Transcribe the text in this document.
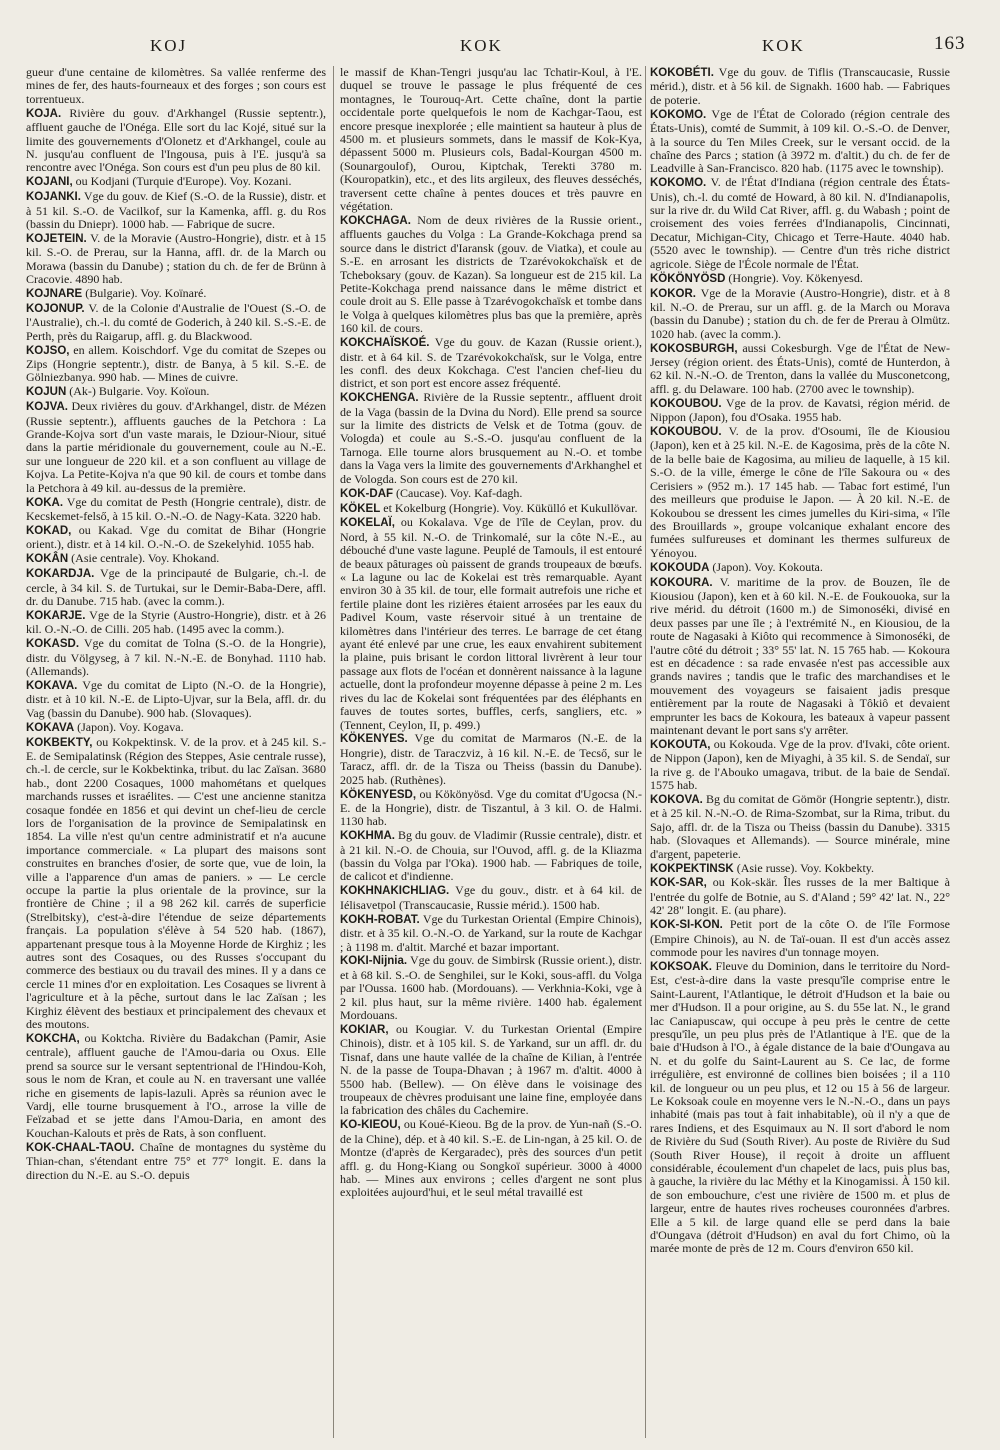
KOJ	KOK	KOK	163

gueur d'une centaine de kilomètres. Sa vallée renferme des mines de fer, des hauts-fourneaux et des forges ; son cours est torrentueux.

KOJA. Rivière du gouv. d'Arkhangel (Russie septentr.), affluent gauche de l'Onéga. Elle sort du lac Kojé, situé sur la limite des gouvernements d'Olonetz et d'Arkhangel, coule au N. jusqu'au confluent de l'Ingousa, puis à l'E. jusqu'à sa rencontre avec l'Onéga. Son cours est d'un peu plus de 80 kil.

KOJANI, ou Kodjani (Turquie d'Europe). Voy. Kozani.

KOJANKI. Vge du gouv. de Kief (S.-O. de la Russie), distr. et à 51 kil. S.-O. de Vacilkof, sur la Kamenka, affl. g. du Ros (bassin du Dniepr). 1000 hab. — Fabrique de sucre.

KOJETEIN. V. de la Moravie (Austro-Hongrie), distr. et à 15 kil. S.-O. de Prerau, sur la Hanna, affl. dr. de la March ou Morawa (bassin du Danube) ; station du ch. de fer de Brünn à Cracovie. 4890 hab.

KOJNARE (Bulgarie). Voy. Koïnaré.

KOJONUP. V. de la Colonie d'Australie de l'Ouest (S.-O. de l'Australie), ch.-l. du comté de Goderich, à 240 kil. S.-S.-E. de Perth, près du Raigarup, affl. g. du Blackwood.

KOJSO, en allem. Koischdorf. Vge du comitat de Szepes ou Zips (Hongrie septentr.), distr. de Banya, à 5 kil. S.-E. de Gölniezbanya. 990 hab. — Mines de cuivre.

KOJUN (Ak-) Bulgarie. Voy. Koïoun.

KOJVA. Deux rivières du gouv. d'Arkhangel, distr. de Mézen (Russie septentr.), affluents gauches de la Petchora : La Grande-Kojva sort d'un vaste marais, le Dziour-Niour, situé dans la partie méridionale du gouvernement, coule au N.-E. sur une longueur de 220 kil. et a son confluent au village de Kojva. La Petite-Kojva n'a que 90 kil. de cours et tombe dans la Petchora à 49 kil. au-dessus de la première.

KOKA. Vge du comitat de Pesth (Hongrie centrale), distr. de Kecskemet-felső, à 15 kil. O.-N.-O. de Nagy-Kata. 3220 hab.

KOKAD, ou Kakad. Vge du comitat de Bihar (Hongrie orient.), distr. et à 14 kil. O.-N.-O. de Szekelyhid. 1055 hab.

KOKÂN (Asie centrale). Voy. Khokand.

KOKARDJA. Vge de la principauté de Bulgarie, ch.-l. de cercle, à 34 kil. S. de Turtukai, sur le Demir-Baba-Dere, affl. dr. du Danube. 715 hab. (avec la comm.).

KOKARJE. Vge de la Styrie (Austro-Hongrie), distr. et à 26 kil. O.-N.-O. de Cilli. 205 hab. (1495 avec la comm.).

KOKASD. Vge du comitat de Tolna (S.-O. de la Hongrie), distr. du Völgyseg, à 7 kil. N.-N.-E. de Bonyhad. 1110 hab. (Allemands).

KOKAVA. Vge du comitat de Lipto (N.-O. de la Hongrie), distr. et à 10 kil. N.-E. de Lipto-Ujvar, sur la Bela, affl. dr. du Vag (bassin du Danube). 900 hab. (Slovaques).

KOKAVA (Japon). Voy. Kogava.

KOKBEKTY, ou Kokpektinsk. V. de la prov. et à 245 kil. S.-E. de Semipalatinsk (Région des Steppes, Asie centrale russe), ch.-l. de cercle, sur le Kokbektinka, tribut. du lac Zaïsan. 3680 hab., dont 2200 Cosaques, 1000 mahométans et quelques marchands russes et israélites. — C'est une ancienne stanitza cosaque fondée en 1856 et qui devint un chef-lieu de cercle lors de l'organisation de la province de Semipalatinsk en 1854. La ville n'est qu'un centre administratif et n'a aucune importance commerciale. « La plupart des maisons sont construites en branches d'osier, de sorte que, vue de loin, la ville a l'apparence d'un amas de paniers. » — Le cercle occupe la partie la plus orientale de la province, sur la frontière de Chine ; il a 98 262 kil. carrés de superficie (Strelbitsky), c'est-à-dire l'étendue de seize départements français. La population s'élève à 54 520 hab. (1867), appartenant presque tous à la Moyenne Horde de Kirghiz ; les autres sont des Cosaques, ou des Russes s'occupant du commerce des bestiaux ou du travail des mines. Il y a dans ce cercle 11 mines d'or en exploitation. Les Cosaques se livrent à l'agriculture et à la pêche, surtout dans le lac Zaïsan ; les Kirghiz élèvent des bestiaux et principalement des chevaux et des moutons.

KOKCHA, ou Koktcha. Rivière du Badakchan (Pamir, Asie centrale), affluent gauche de l'Amou-daria ou Oxus. Elle prend sa source sur le versant septentrional de l'Hindou-Koh, sous le nom de Kran, et coule au N. en traversant une vallée riche en gisements de lapis-lazuli. Après sa réunion avec le Vardj, elle tourne brusquement à l'O., arrose la ville de Feïzabad et se jette dans l'Amou-Daria, en amont des Kouchan-Kalouts et près de Rats, à son confluent.

KOK-CHAAL-TAOU. Chaîne de montagnes du système du Thian-chan, s'étendant entre 75° et 77° longit. E. dans la direction du N.-E. au S.-O. depuis

le massif de Khan-Tengri jusqu'au lac Tchatir-Koul, à l'E. duquel se trouve le passage le plus fréquenté de ces montagnes, le Tourouq-Art. Cette chaîne, dont la partie occidentale porte quelquefois le nom de Kachgar-Taou, est encore presque inexplorée ; elle maintient sa hauteur à plus de 4500 m. et plusieurs sommets, dans le massif de Kok-Kya, dépassent 5000 m. Plusieurs cols, Badal-Kourgan 4500 m. (Sounargoulof), Ourou, Kiptchak, Terekti 3780 m. (Kouropatkin), etc., et des lits argileux, des fleuves desséchés, traversent cette chaîne à pentes douces et très pauvre en végétation.

KOKCHAGA. Nom de deux rivières de la Russie orient., affluents gauches du Volga : La Grande-Kokchaga prend sa source dans le district d'Iaransk (gouv. de Viatka), et coule au S.-E. en arrosant les districts de Tzarévokokchaïsk et de Tcheboksary (gouv. de Kazan). Sa longueur est de 215 kil. La Petite-Kokchaga prend naissance dans le même district et coule droit au S. Elle passe à Tzarévogokchaïsk et tombe dans le Volga à quelques kilomètres plus bas que la première, après 160 kil. de cours.

KOKCHAÏSKOÉ. Vge du gouv. de Kazan (Russie orient.), distr. et à 64 kil. S. de Tzarévokokchaïsk, sur le Volga, entre les confl. des deux Kokchaga. C'est l'ancien chef-lieu du district, et son port est encore assez fréquenté.

KOKCHENGA. Rivière de la Russie septentr., affluent droit de la Vaga (bassin de la Dvina du Nord). Elle prend sa source sur la limite des districts de Velsk et de Totma (gouv. de Vologda) et coule au S.-S.-O. jusqu'au confluent de la Tarnoga. Elle tourne alors brusquement au N.-O. et tombe dans la Vaga vers la limite des gouvernements d'Arkhanghel et de Vologda. Son cours est de 270 kil.

KOK-DAF (Caucase). Voy. Kaf-dagh.

KÖKEL et Kokelburg (Hongrie). Voy. Kükülló et Kukullövar.

KOKELAÏ, ou Kokalava. Vge de l'île de Ceylan, prov. du Nord, à 55 kil. N.-O. de Trinkomalé, sur la côte N.-E., au débouché d'une vaste lagune. Peuplé de Tamouls, il est entouré de beaux pâturages où paissent de grands troupeaux de bœufs. « La lagune ou lac de Kokelai est très remarquable. Ayant environ 30 à 35 kil. de tour, elle formait autrefois une riche et fertile plaine dont les rizières étaient arrosées par les eaux du Padivel Koum, vaste réservoir situé à un trentaine de kilomètres dans l'intérieur des terres. Le barrage de cet étang ayant été enlevé par une crue, les eaux envahirent subitement la plaine, puis brisant le cordon littoral livrèrent à leur tour passage aux flots de l'océan et donnèrent naissance à la lagune actuelle, dont la profondeur moyenne dépasse à peine 2 m. Les rives du lac de Kokelai sont fréquentées par des éléphants en fauves de toutes sortes, buffles, cerfs, sangliers, etc. » (Tennent, Ceylon, II, p. 499.)

KÖKENYES. Vge du comitat de Marmaros (N.-E. de la Hongrie), distr. de Taraczviz, à 16 kil. N.-E. de Tecső, sur le Taracz, affl. dr. de la Tisza ou Theiss (bassin du Danube). 2025 hab. (Ruthènes).

KÖKENYESD, ou Kökönyösd. Vge du comitat d'Ugocsa (N.-E. de la Hongrie), distr. de Tiszantul, à 3 kil. O. de Halmi. 1130 hab.

KOKHMA. Bg du gouv. de Vladimir (Russie centrale), distr. et à 21 kil. N.-O. de Chouia, sur l'Ouvod, affl. g. de la Kliazma (bassin du Volga par l'Oka). 1900 hab. — Fabriques de toile, de calicot et d'indienne.

KOKHNAKICHLIAG. Vge du gouv., distr. et à 64 kil. de Iélisavetpol (Transcaucasie, Russie mérid.). 1500 hab.

KOKH-ROBAT. Vge du Turkestan Oriental (Empire Chinois), distr. et à 35 kil. O.-N.-O. de Yarkand, sur la route de Kachgar ; à 1198 m. d'altit. Marché et bazar important.

KOKI-Nijnia. Vge du gouv. de Simbirsk (Russie orient.), distr. et à 68 kil. S.-O. de Senghilei, sur le Koki, sous-affl. du Volga par l'Oussa. 1600 hab. (Mordouans). — Verkhnia-Koki, vge à 2 kil. plus haut, sur la même rivière. 1400 hab. également Mordouans.

KOKIAR, ou Kougiar. V. du Turkestan Oriental (Empire Chinois), distr. et à 105 kil. S. de Yarkand, sur un affl. dr. du Tisnaf, dans une haute vallée de la chaîne de Kilian, à l'entrée N. de la passe de Toupa-Dhavan ; à 1967 m. d'altit. 4000 à 5500 hab. (Bellew). — On élève dans le voisinage des troupeaux de chèvres produisant une laine fine, employée dans la fabrication des châles du Cachemire.

KO-KIEOU, ou Koué-Kieou. Bg de la prov. de Yun-nañ (S.-O. de la Chine), dép. et à 40 kil. S.-E. de Lin-ngan, à 25 kil. O. de Montze (d'après de Kergaradec), près des sources d'un petit affl. g. du Hong-Kiang ou Songkoï supérieur. 3000 à 4000 hab. — Mines aux environs ; celles d'argent ne sont plus exploitées aujourd'hui, et le seul métal travaillé est

KOKOBÉTI. Vge du gouv. de Tiflis (Transcaucasie, Russie mérid.), distr. et à 56 kil. de Signakh. 1600 hab. — Fabriques de poterie.

KOKOMO. Vge de l'État de Colorado (région centrale des États-Unis), comté de Summit, à 109 kil. O.-S.-O. de Denver, à la source du Ten Miles Creek, sur le versant occid. de la chaîne des Parcs ; station (à 3972 m. d'altit.) du ch. de fer de Leadville à San-Francisco. 820 hab. (1175 avec le township).

KOKOMO. V. de l'État d'Indiana (région centrale des États-Unis), ch.-l. du comté de Howard, à 80 kil. N. d'Indianapolis, sur la rive dr. du Wild Cat River, affl. g. du Wabash ; point de croisement des voies ferrées d'Indianapolis, Cincinnati, Decatur, Michigan-City, Chicago et Terre-Haute. 4040 hab. (5520 avec le township). — Centre d'un très riche district agricole. Siège de l'École normale de l'État.

KÖKÖNYÖSD (Hongrie). Voy. Kökenyesd.

KOKOR. Vge de la Moravie (Austro-Hongrie), distr. et à 8 kil. N.-O. de Prerau, sur un affl. g. de la March ou Morava (bassin du Danube) ; station du ch. de fer de Prerau à Olmütz. 1020 hab. (avec la comm.).

KOKOSBURGH, aussi Cokesburgh. Vge de l'État de New-Jersey (région orient. des États-Unis), comté de Hunterdon, à 62 kil. N.-N.-O. de Trenton, dans la vallée du Musconetcong, affl. g. du Delaware. 100 hab. (2700 avec le township).

KOKOUBOU. Vge de la prov. de Kavatsi, région mérid. de Nippon (Japon), fou d'Osaka. 1955 hab.

KOKOUBOU. V. de la prov. d'Osoumi, île de Kiousiou (Japon), ken et à 25 kil. N.-E. de Kagosima, près de la côte N. de la belle baie de Kagosima, au milieu de laquelle, à 15 kil. S.-O. de la ville, émerge le cône de l'île Sakoura ou « des Cerisiers » (952 m.). 17 145 hab. — Tabac fort estimé, l'un des meilleurs que produise le Japon. — À 20 kil. N.-E. de Kokoubou se dressent les cimes jumelles du Kiri-sima, « l'île des Brouillards », groupe volcanique exhalant encore des fumées sulfureuses et dominant les thermes sulfureux de Yénoyou.

KOKOUDA (Japon). Voy. Kokouta.

KOKOURA. V. maritime de la prov. de Bouzen, île de Kiousiou (Japon), ken et à 60 kil. N.-E. de Foukouoka, sur la rive mérid. du détroit (1600 m.) de Simonoséki, divisé en deux passes par une île ; à l'extrémité N., en Kiousiou, de la route de Nagasaki à Kiôto qui recommence à Simonoséki, de l'autre côté du détroit ; 33° 55' lat. N. 15 765 hab. — Kokoura est en décadence : sa rade envasée n'est pas accessible aux grands navires ; tandis que le trafic des marchandises et le mouvement des voyageurs se faisaient jadis presque entièrement par la route de Nagasaki à Tôkiô et devaient emprunter les bacs de Kokoura, les bateaux à vapeur passent maintenant devant le port sans s'y arrêter.

KOKOUTA, ou Kokouda. Vge de la prov. d'Ivaki, côte orient. de Nippon (Japon), ken de Miyaghi, à 35 kil. S. de Sendaï, sur la rive g. de l'Abouko umagava, tribut. de la baie de Sendaï. 1575 hab.

KOKOVA. Bg du comitat de Gömör (Hongrie septentr.), distr. et à 25 kil. N.-N.-O. de Rima-Szombat, sur la Rima, tribut. du Sajo, affl. dr. de la Tisza ou Theiss (bassin du Danube). 3315 hab. (Slovaques et Allemands). — Source minérale, mine d'argent, papeterie.

KOKPEKTINSK (Asie russe). Voy. Kokbekty.

KOK-SAR, ou Kok-skär. Îles russes de la mer Baltique à l'entrée du golfe de Botnie, au S. d'Aland ; 59° 42' lat. N., 22° 42' 28" longit. E. (au phare).

KOK-SI-KON. Petit port de la côte O. de l'île Formose (Empire Chinois), au N. de Taï-ouan. Il est d'un accès assez commode pour les navires d'un tonnage moyen.

KOKSOAK. Fleuve du Dominion, dans le territoire du Nord-Est, c'est-à-dire dans la vaste presqu'île comprise entre le Saint-Laurent, l'Atlantique, le détroit d'Hudson et la baie ou mer d'Hudson. Il a pour origine, au S. du 55e lat. N., le grand lac Caniapuscaw, qui occupe à peu près le centre de cette presqu'île, un peu plus près de l'Atlantique à l'E. que de la baie d'Hudson à l'O., à égale distance de la baie d'Oungava au N. et du golfe du Saint-Laurent au S. Ce lac, de forme irrégulière, est environné de collines bien boisées ; il a 110 kil. de longueur ou un peu plus, et 12 ou 15 à 56 de largeur. Le Koksoak coule en moyenne vers le N.-N.-O., dans un pays inhabité (mais pas tout à fait inhabitable), où il n'y a que de rares Indiens, et des Esquimaux au N. Il sort d'abord le nom de Rivière du Sud (South River). Au poste de Rivière du Sud (South River House), il reçoit à droite un affluent considérable, écoulement d'un chapelet de lacs, puis plus bas, à gauche, la rivière du lac Méthy et la Kinogamissi. À 150 kil. de son embouchure, c'est une rivière de 1500 m. et plus de largeur, entre de hautes rives rocheuses couronnées d'arbres. Elle a 5 kil. de large quand elle se perd dans la baie d'Oungava (détroit d'Hudson) en aval du fort Chimo, où la marée monte de près de 12 m. Cours d'environ 650 kil.
